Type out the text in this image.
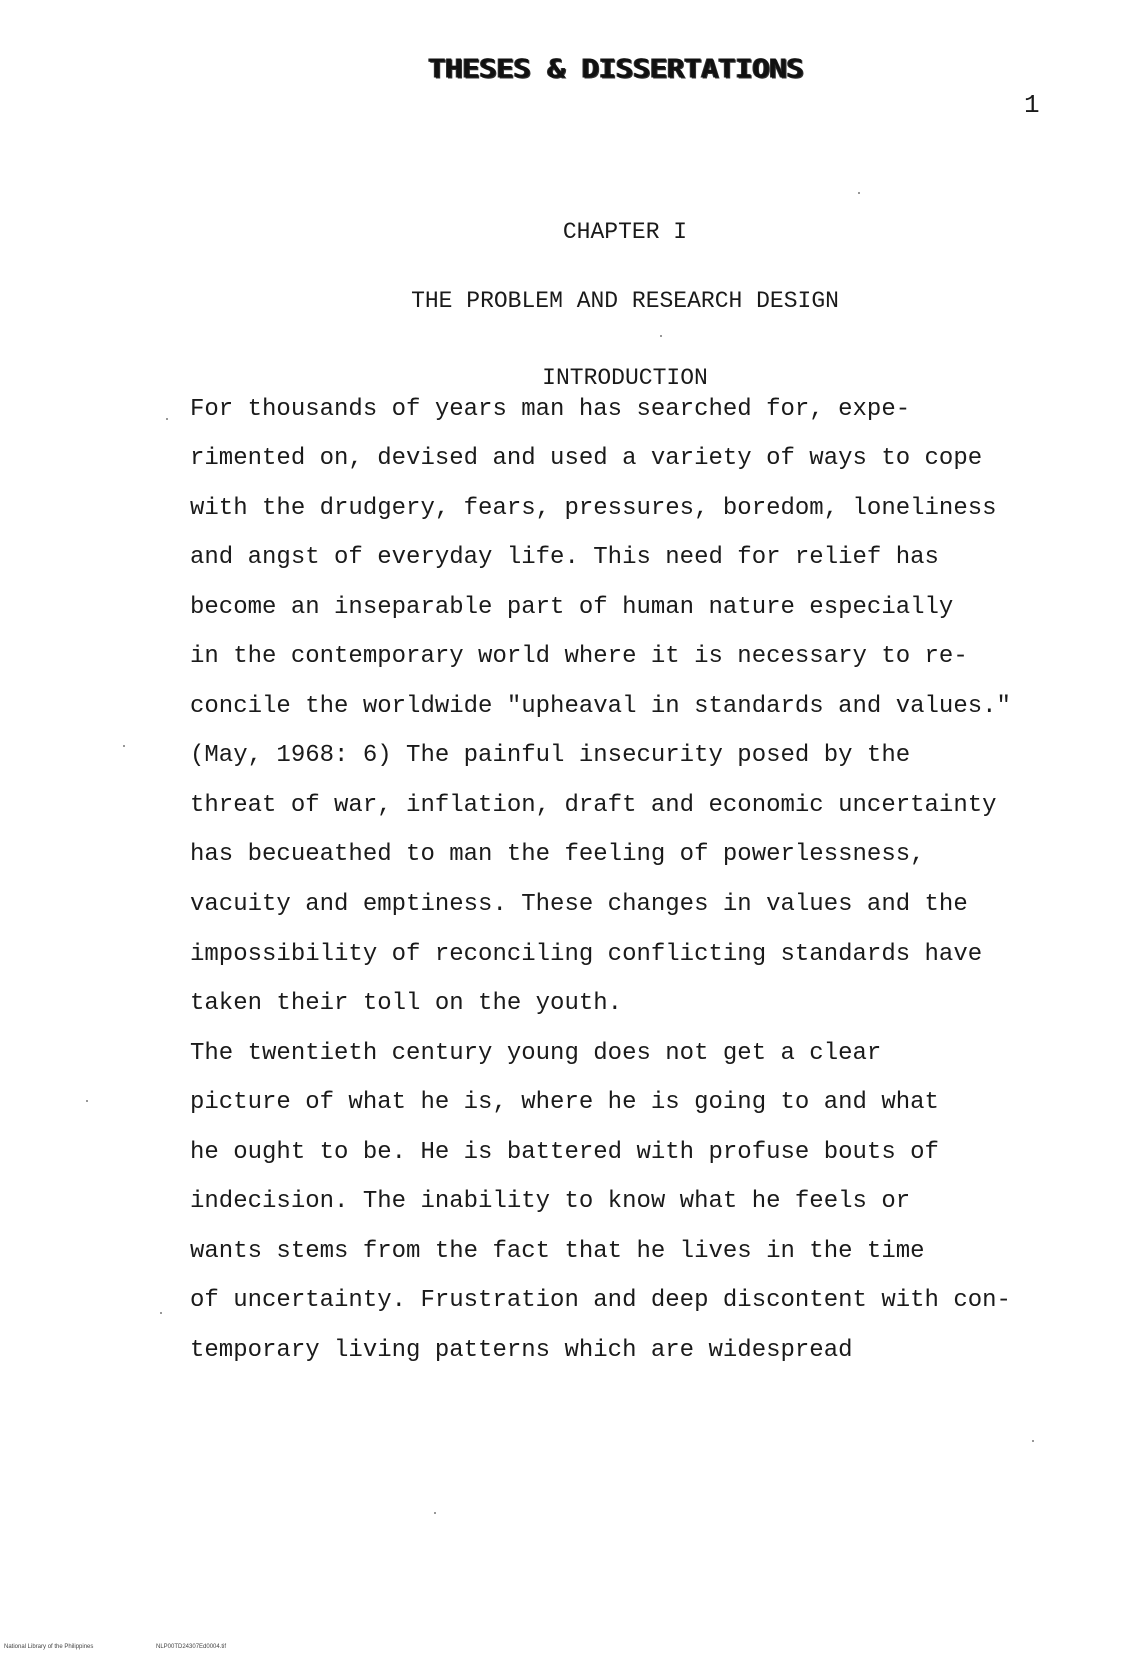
THESES & DISSERTATIONS
1
CHAPTER I
THE PROBLEM AND RESEARCH DESIGN
INTRODUCTION
For thousands of years man has searched for, expe-
rimented on, devised and used a variety of ways to cope
with the drudgery, fears, pressures, boredom, loneliness
and angst of everyday life. This need for relief has
become an inseparable part of human nature especially
in the contemporary world where it is necessary to re-
concile the worldwide "upheaval in standards and values."
(May, 1968: 6) The painful insecurity posed by the
threat of war, inflation, draft and economic uncertainty
has becueathed to man the feeling of powerlessness,
vacuity and emptiness. These changes in values and the
impossibility of reconciling conflicting standards have
taken their toll on the youth.
The twentieth century young does not get a clear
picture of what he is, where he is going to and what
he ought to be. He is battered with profuse bouts of
indecision. The inability to know what he feels or
wants stems from the fact that he lives in the time
of uncertainty. Frustration and deep discontent with con-
temporary living patterns which are widespread
National Library of the Philippines	NLP00TD24307Ed0004.tif
